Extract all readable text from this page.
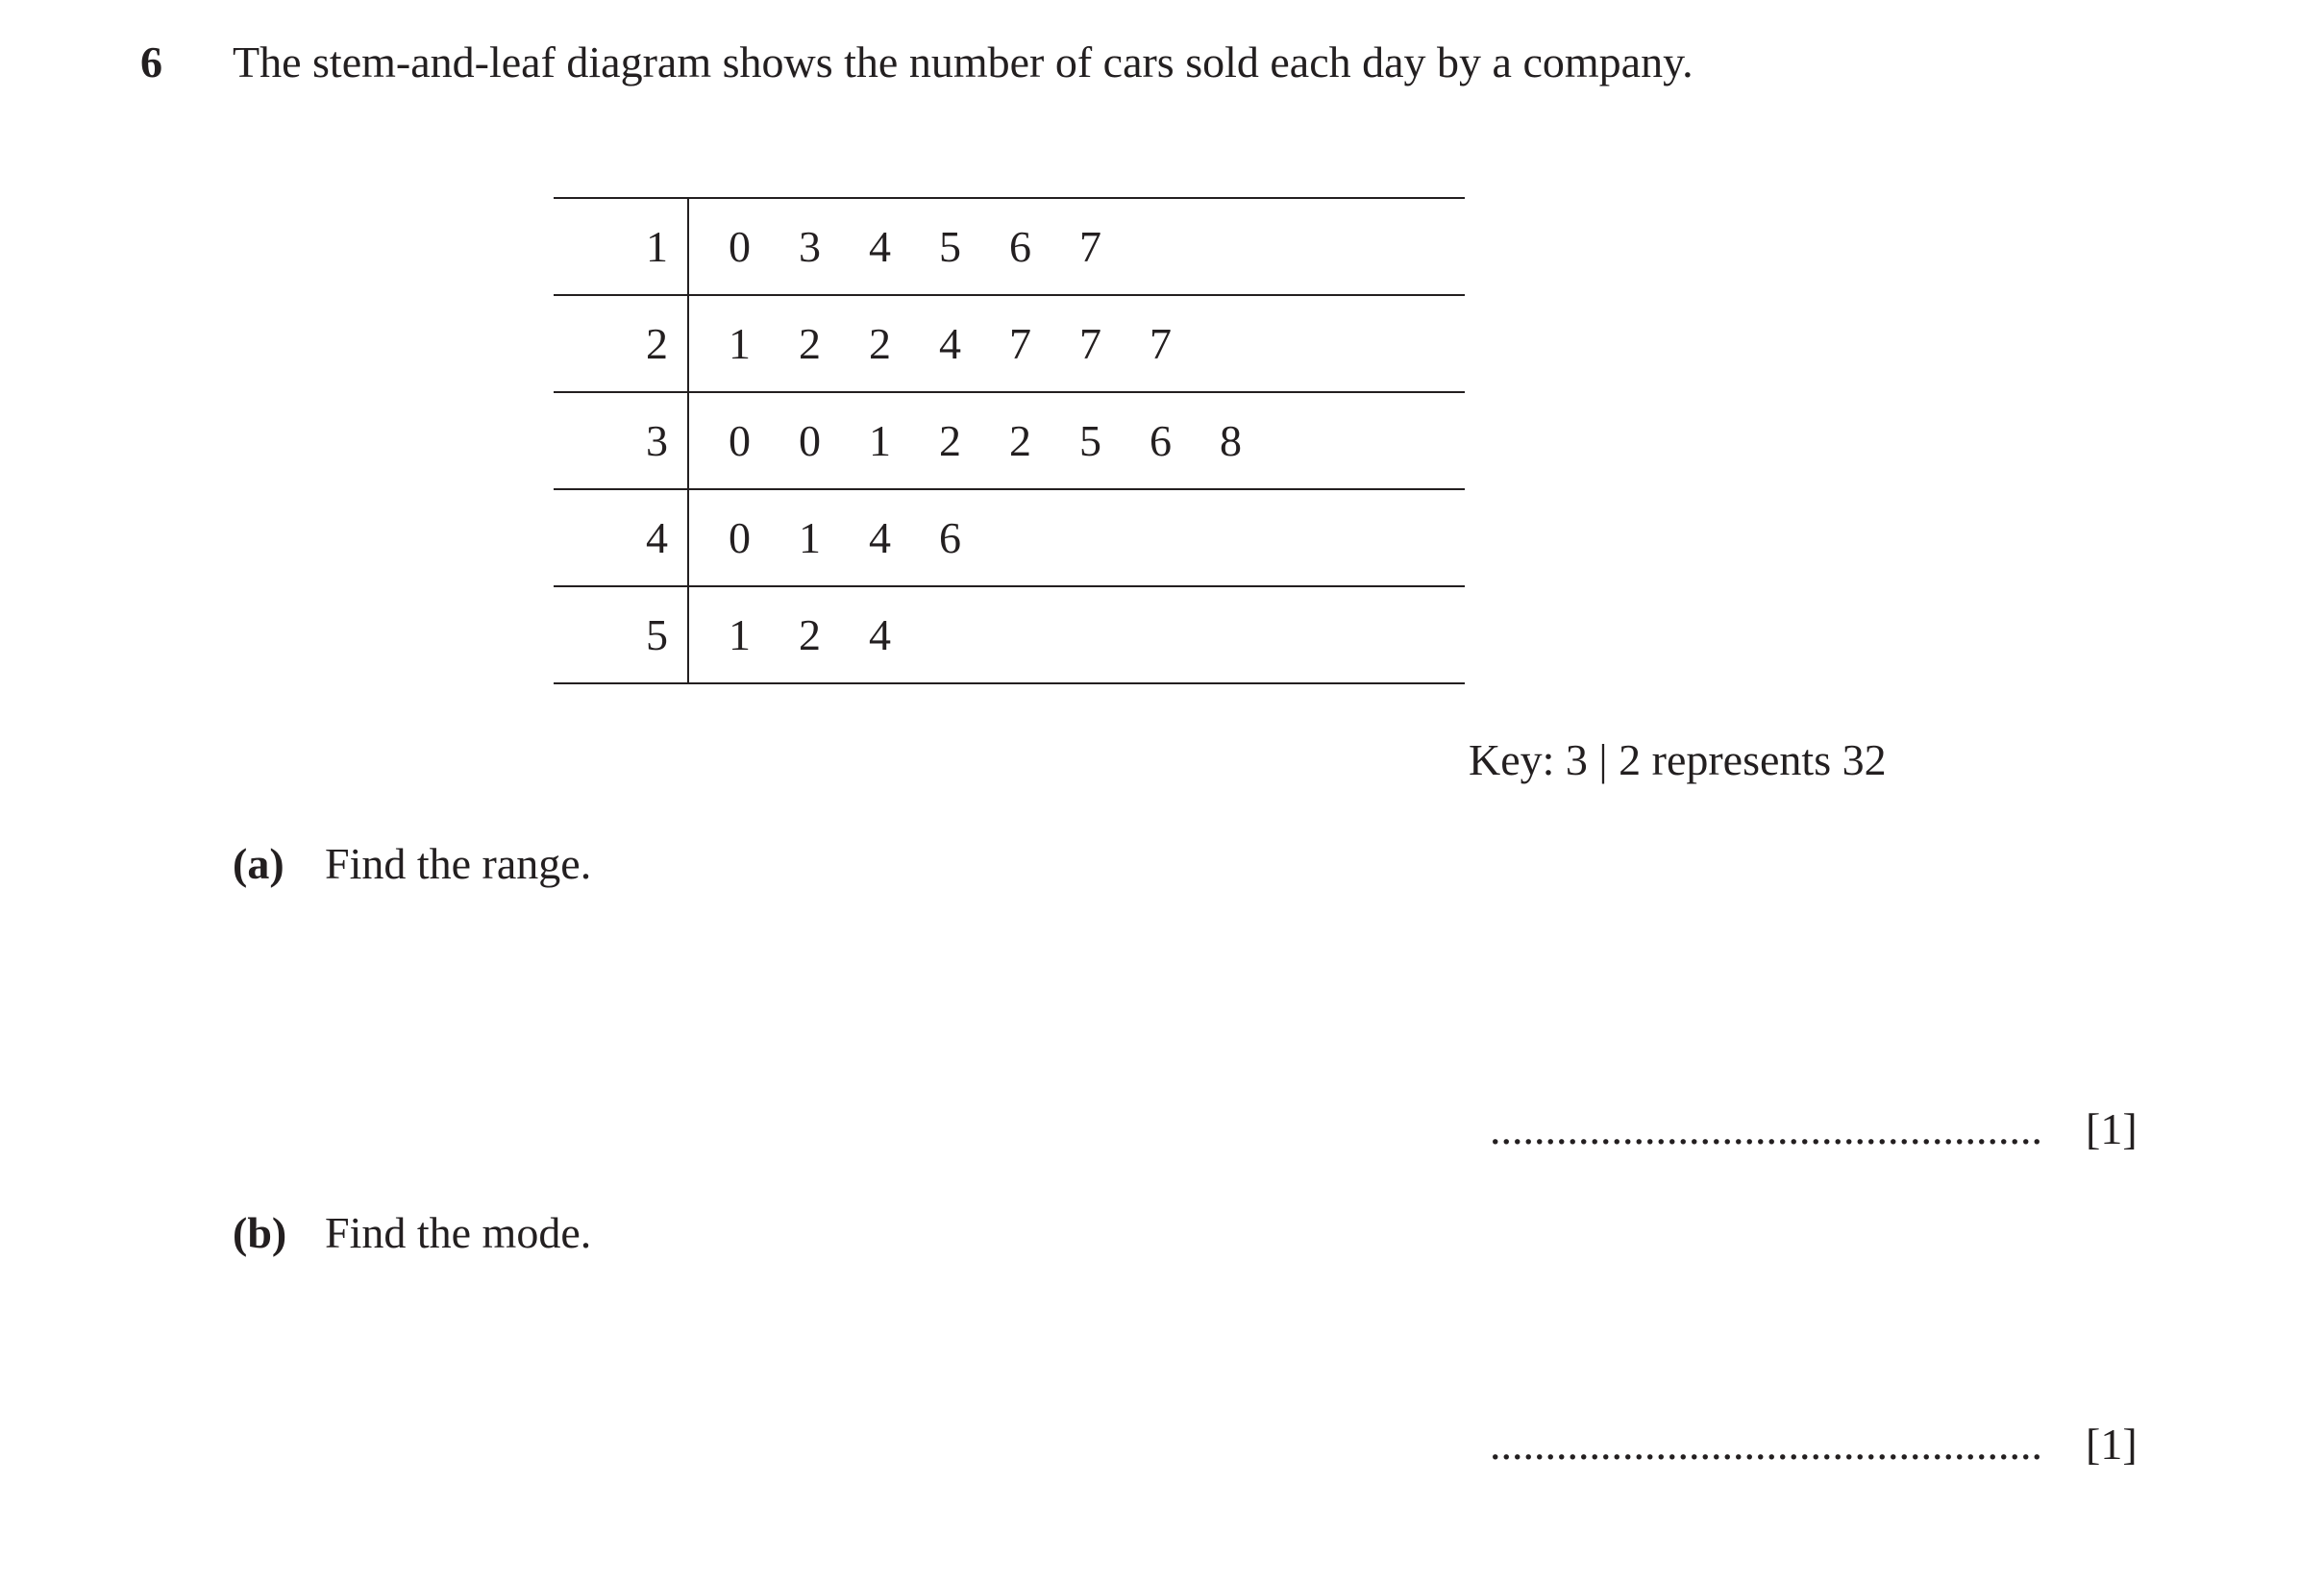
6 The stem-and-leaf diagram shows the number of cars sold each day by a company.
1	0 3 4 5 6 7
2	1 2 2 4 7 7 7
3	0 0 1 2 2 5 6 8
4	0 1 4 6
5	1 2 4
Key: 3 | 2 represents 32
(a) Find the range.
.................................................. [1]
(b) Find the mode.
.................................................. [1]
